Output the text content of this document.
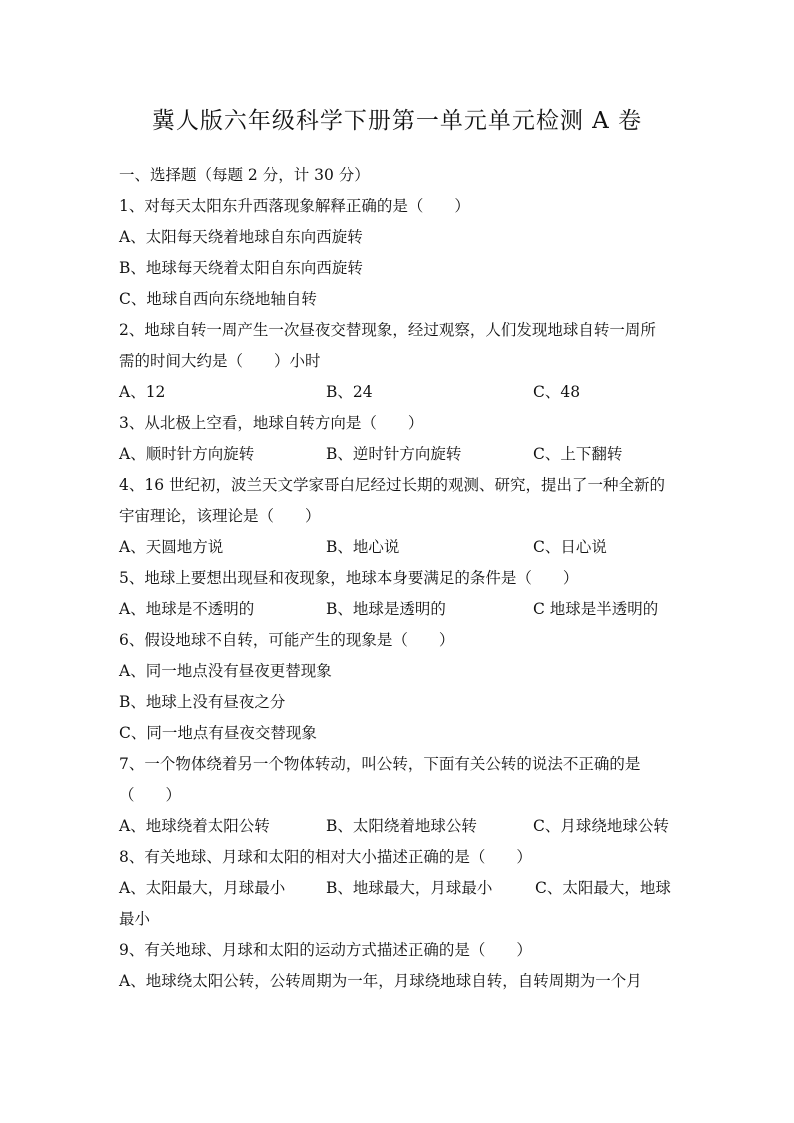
冀人版六年级科学下册第一单元单元检测 A 卷
一、选择题（每题 2 分，计 30 分）
1、对每天太阳东升西落现象解释正确的是（　　）
A、太阳每天绕着地球自东向西旋转
B、地球每天绕着太阳自东向西旋转
C、地球自西向东绕地轴自转
2、地球自转一周产生一次昼夜交替现象，经过观察，人们发现地球自转一周所
需的时间大约是（　　）小时
A、12	B、24	C、48
3、从北极上空看，地球自转方向是（　　）
A、顺时针方向旋转	B、逆时针方向旋转	C、上下翻转
4、16 世纪初，波兰天文学家哥白尼经过长期的观测、研究，提出了一种全新的
宇宙理论，该理论是（　　）
A、天圆地方说	B、地心说	C、日心说
5、地球上要想出现昼和夜现象，地球本身要满足的条件是（　　）
A、地球是不透明的	B、地球是透明的	C 地球是半透明的
6、假设地球不自转，可能产生的现象是（　　）
A、同一地点没有昼夜更替现象
B、地球上没有昼夜之分
C、同一地点有昼夜交替现象
7、一个物体绕着另一个物体转动，叫公转，下面有关公转的说法不正确的是
（　　）
A、地球绕着太阳公转	B、太阳绕着地球公转	C、月球绕地球公转
8、有关地球、月球和太阳的相对大小描述正确的是（　　）
A、太阳最大，月球最小	B、地球最大，月球最小	C、太阳最大，地球
最小
9、有关地球、月球和太阳的运动方式描述正确的是（　　）
A、地球绕太阳公转，公转周期为一年，月球绕地球自转，自转周期为一个月
